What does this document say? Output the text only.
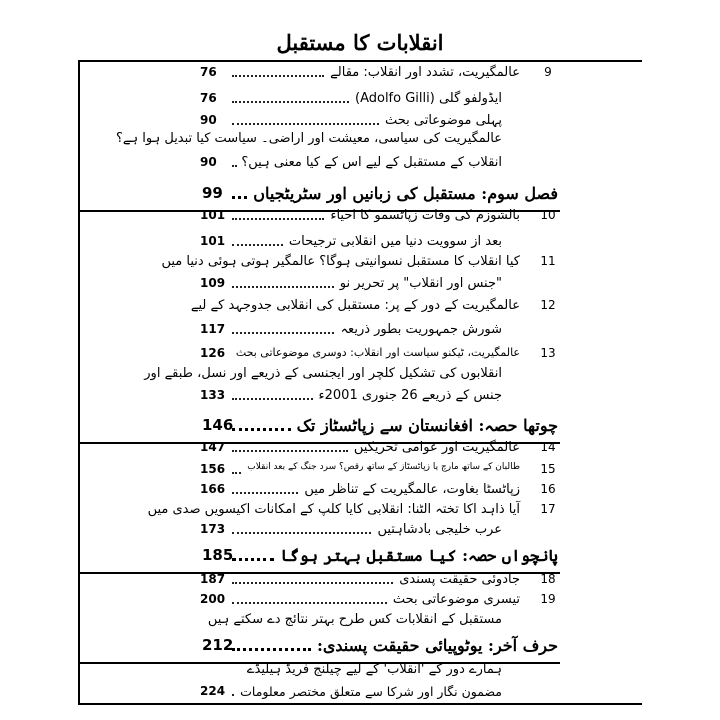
انقلابات کا مستقبل
9
عالمگیریت، تشدد اور انقلاب: مقالے
76
ایڈولفو گلی (Adolfo Gilli)
76
پہلی موضوعاتی بحث
90
عالمگیریت کی سیاسی، معیشت اور اراضی۔ سیاست کیا تبدیل ہوا ہے؟
انقلاب کے مستقبل کے لیے اس کے کیا معنی ہیں؟
90
فصل سوم: مستقبل کی زبانیں اور سٹریٹجیاں
99
10
بالشوزم کی وفات زپاٹسمو کا احیاء
101
بعد از سوویت دنیا میں انقلابی ترجیحات
101
11
کیا انقلاب کا مستقبل نسوانیتی ہوگا؟ عالمگیر ہوتی ہوئی دنیا میں
"جنس اور انقلاب" پر تحریر نو
109
12
عالمگیریت کے دور کے پر: مستقبل کی انقلابی جدوجہد کے لیے
شورش جمہوریت بطور ذریعہ
117
13
عالمگیریت، ٹیکنو سیاست اور انقلاب: دوسری موضوعاتی بحث
126
انقلابوں کی تشکیل کلچر اور ایجنسی کے ذریعے اور نسل، طبقے اور
جنس کے ذریعے 26 جنوری 2001ء
133
چوتھا حصہ: افغانستان سے زپاٹسٹاز تک
146
14
عالمگیریت اور عوامی تحریکیں
147
15
طالبان کے ساتھ مارچ یا زپاٹسٹاز کے ساتھ رقص؟ سرد جنگ کے بعد انقلاب
156
16
زپاٹسٹا بغاوت، عالمگیریت کے تناظر میں
166
17
آیا ذاہد اکا تختہ الٹنا: انقلابی کایا کلپ کے امکانات اکیسویں صدی میں
عرب خلیجی بادشاہتیں
173
پانچواں حصہ: کیا مستقبل بہتر ہوگا
185
18
جادوئی حقیقت پسندی
187
19
تیسری موضوعاتی بحث
200
مستقبل کے انقلابات کس طرح بہتر نتائج دے سکتے ہیں
حرف آخر: یوٹوپیائی حقیقت پسندی:
212
ہمارے دور کے 'انقلاب' کے لیے چیلنج فریڈ ہیلیڈے
مضمون نگار اور شرکا سے متعلق مختصر معلومات
224
